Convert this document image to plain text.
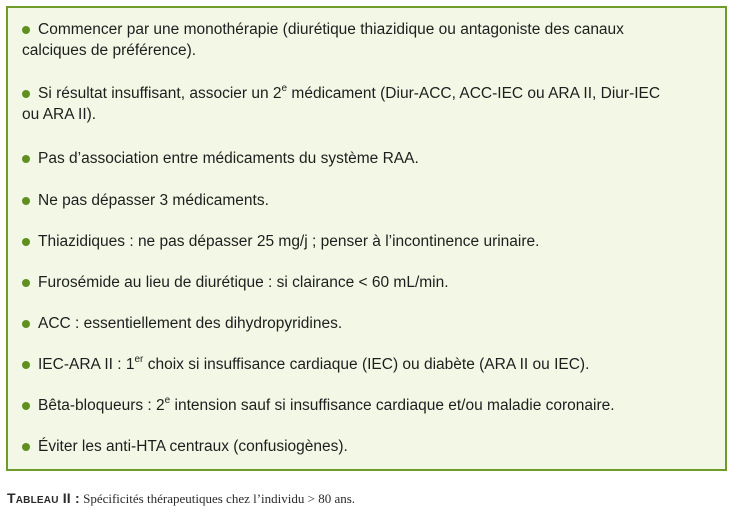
Commencer par une monothérapie (diurétique thiazidique ou antagoniste des canaux
calciques de préférence).
Si résultat insuffisant, associer un 2e médicament (Diur-ACC, ACC-IEC ou ARA II, Diur-IEC
ou ARA II).
Pas d’association entre médicaments du système RAA.
Ne pas dépasser 3 médicaments.
Thiazidiques : ne pas dépasser 25 mg/j ; penser à l’incontinence urinaire.
Furosémide au lieu de diurétique : si clairance < 60 mL/min.
ACC : essentiellement des dihydropyridines.
IEC-ARA II : 1er choix si insuffisance cardiaque (IEC) ou diabète (ARA II ou IEC).
Bêta-bloqueurs : 2e intension sauf si insuffisance cardiaque et/ou maladie coronaire.
Éviter les anti-HTA centraux (confusiogènes).
Tableau II : Spécificités thérapeutiques chez l’individu > 80 ans.
